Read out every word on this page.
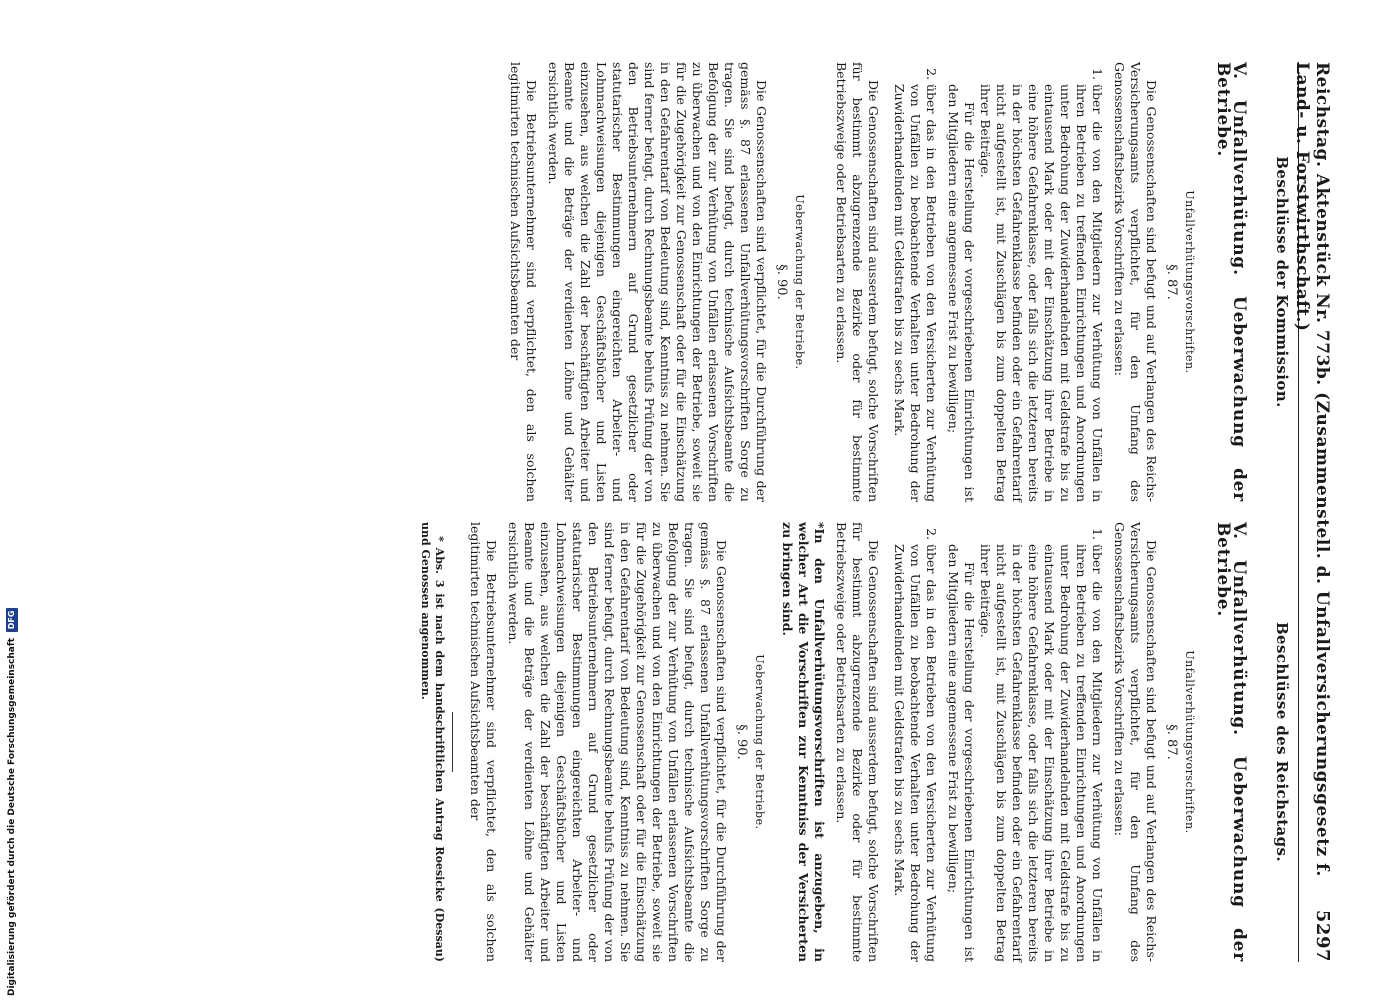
Reichstag. Aktenstück Nr. 773b. (Zusammenstell. d. Unfallversicherungsgesetz f. Land- u. Forstwirthschaft.)
5297
Beschlüsse der Kommission.
Beschlüsse des Reichstags.
V. Unfallverhütung. Ueberwachung der Betriebe.
Unfallverhütungsvorschriften.
§. 87.

Die Genossenschaften sind befugt und auf Verlangen des Reichs-Versicherungsamts verpflichtet, für den Umfang des Genossenschaftsbezirks Vorschriften zu erlassen:

1. über die von den Mitgliedern zur Verhütung von Unfällen in ihren Betrieben zu treffenden Einrichtungen und Anordnungen unter Bedrohung der Zuwiderhandelnden mit Geldstrafe bis zu eintausend Mark oder mit der Einschätzung ihrer Betriebe in eine höhere Gefahrenklasse, oder falls sich die letzteren bereits in der höchsten Gefahrenklasse befinden oder ein Gefahrentarif nicht aufgestellt ist, mit Zuschlägen bis zum doppelten Betrag ihrer Beiträge.

Für die Herstellung der vorgeschriebenen Einrichtungen ist den Mitgliedern eine angemessene Frist zu bewilligen;

2. über das in den Betrieben von den Versicherten zur Verhütung von Unfällen zu beobachtende Verhalten unter Bedrohung der Zuwiderhandelnden mit Geldstrafen bis zu sechs Mark.

Die Genossenschaften sind ausserdem befugt, solche Vorschriften für bestimmt abzugrenzende Bezirke oder für bestimmte Betriebszweige oder Betriebsarten zu erlassen.

Ueberwachung der Betriebe.
§. 90.

Die Genossenschaften sind verpflichtet, für die Durchführung der gemäss §. 87 erlassenen Unfallverhütungsvorschriften Sorge zu tragen. Sie sind befugt, durch technische Aufsichtsbeamte die Befolgung der zur Verhütung von Unfällen erlassenen Vorschriften zu überwachen und von den Einrichtungen der Betriebe, soweit sie für die Zugehörigkeit zur Genossenschaft oder für die Einschätzung in den Gefahrentarif von Bedeutung sind, Kenntniss zu nehmen. Sie sind ferner befugt, durch Rechnungsbeamte behufs Prüfung der von den Betriebsunternehmern auf Grund gesetzlicher oder statutarischer Bestimmungen eingereichten Arbeiter- und Lohnnachweisungen diejenigen Geschäftsbücher und Listen einzusehen, aus welchen die Zahl der beschäftigten Arbeiter und Beamte und die Beträge der verdienten Löhne und Gehälter ersichtlich werden.

Die Betriebsunternehmer sind verpflichtet, den als solchen legitimirten technischen Aufsichtsbeamten der

V. Unfallverhütung. Ueberwachung der Betriebe.
Unfallverhütungsvorschriften.
§. 87.

Die Genossenschaften sind befugt und auf Verlangen des Reichs-Versicherungsamts verpflichtet, für den Umfang des Genossenschaftsbezirks Vorschriften zu erlassen:

1. über die von den Mitgliedern zur Verhütung von Unfällen in ihren Betrieben zu treffenden Einrichtungen und Anordnungen unter Bedrohung der Zuwiderhandelnden mit Geldstrafe bis zu eintausend Mark oder mit der Einschätzung ihrer Betriebe in eine höhere Gefahrenklasse, oder falls sich die letzteren bereits in der höchsten Gefahrenklasse befinden oder ein Gefahrentarif nicht aufgestellt ist, mit Zuschlägen bis zum doppelten Betrag ihrer Beiträge.

Für die Herstellung der vorgeschriebenen Einrichtungen ist den Mitgliedern eine angemessene Frist zu bewilligen;

2. über das in den Betrieben von den Versicherten zur Verhütung von Unfällen zu beobachtende Verhalten unter Bedrohung der Zuwiderhandelnden mit Geldstrafen bis zu sechs Mark.

Die Genossenschaften sind ausserdem befugt, solche Vorschriften für bestimmt abzugrenzende Bezirke oder für bestimmte Betriebszweige oder Betriebsarten zu erlassen.

*In den Unfallverhütungsvorschriften ist anzugeben, in welcher Art die Vorschriften zur Kenntniss der Versicherten zu bringen sind.

Ueberwachung der Betriebe.
§. 90.

Die Genossenschaften sind verpflichtet, für die Durchführung der gemäss §. 87 erlassenen Unfallverhütungsvorschriften Sorge zu tragen. Sie sind befugt, durch technische Aufsichtsbeamte die Befolgung der zur Verhütung von Unfällen erlassenen Vorschriften zu überwachen und von den Einrichtungen der Betriebe, soweit sie für die Zugehörigkeit zur Genossenschaft oder für die Einschätzung in den Gefahrentarif von Bedeutung sind, Kenntniss zu nehmen. Sie sind ferner befugt, durch Rechnungsbeamte behufs Prüfung der von den Betriebsunternehmern auf Grund gesetzlicher oder statutarischer Bestimmungen eingereichten Arbeiter- und Lohnnachweisungen diejenigen Geschäftsbücher und Listen einzusehen, aus welchen die Zahl der beschäftigten Arbeiter und Beamte und die Beträge der verdienten Löhne und Gehälter ersichtlich werden.

Die Betriebsunternehmer sind verpflichtet, den als solchen legitimirten technischen Aufsichtsbeamten der

* Abs. 3 ist nach dem handschriftlichen Antrag Roesicke (Dessau) und Genossen angenommen.

Digitalisierung gefördert durch die Deutsche Forschungsgemeinschaft
DFG
